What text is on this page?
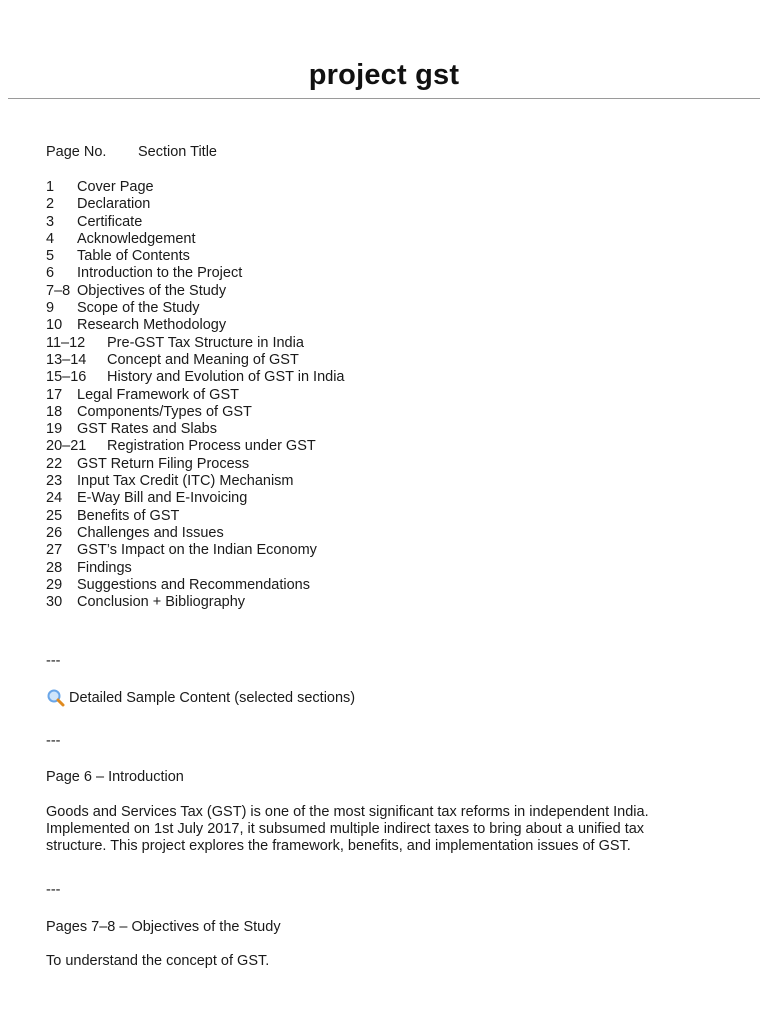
project gst
Page No.	Section Title
1	Cover Page
2	Declaration
3	Certificate
4	Acknowledgement
5	Table of Contents
6	Introduction to the Project
7–8 Objectives of the Study
9	Scope of the Study
10	Research Methodology
11–12	Pre-GST Tax Structure in India
13–14	Concept and Meaning of GST
15–16	History and Evolution of GST in India
17	Legal Framework of GST
18	Components/Types of GST
19	GST Rates and Slabs
20–21	Registration Process under GST
22	GST Return Filing Process
23	Input Tax Credit (ITC) Mechanism
24	E-Way Bill and E-Invoicing
25	Benefits of GST
26	Challenges and Issues
27	GST’s Impact on the Indian Economy
28	Findings
29	Suggestions and Recommendations
30	Conclusion + Bibliography
---
Detailed Sample Content (selected sections)
---

Page 6 – Introduction

Goods and Services Tax (GST) is one of the most significant tax reforms in independent India.

Implemented on 1st July 2017, it subsumed multiple indirect taxes to bring about a unified tax

structure. This project explores the framework, benefits, and implementation issues of GST.

---

Pages 7–8 – Objectives of the Study

To understand the concept of GST.
